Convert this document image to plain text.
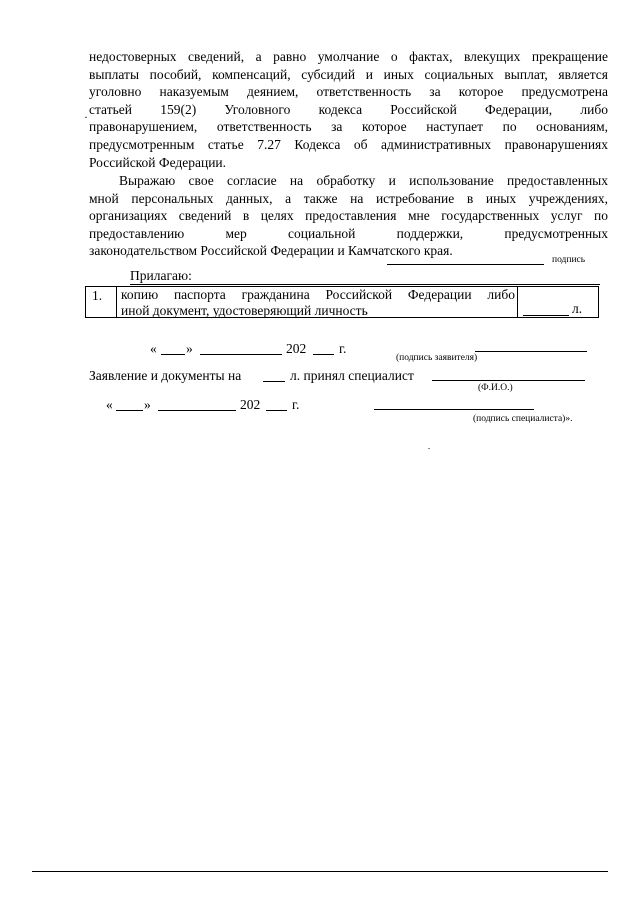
·
недостоверных сведений, а равно умолчание о фактах, влекущих прекращение
выплаты пособий, компенсаций, субсидий и иных социальных выплат, является
уголовно наказуемым деянием, ответственность за которое предусмотрена
статьей 159(2) Уголовного кодекса Российской Федерации, либо
правонарушением, ответственность за которое наступает по основаниям,
предусмотренным статье 7.27 Кодекса об административных правонарушениях
Российской Федерации.
Выражаю свое согласие на обработку и использование предоставленных
мной персональных данных, а также на истребование в иных учреждениях,
организациях сведений в целях предоставления мне государственных услуг по
предоставлению мер социальной поддержки, предусмотренных
законодательством Российской Федерации и Камчатского края.
подпись
Прилагаю:
1. копию паспорта гражданина Российской Федерации либо
иной документ, удостоверяющий личность	л.
« »	202 г.
(подпись заявителя)
Заявление и документы на	л. принял специалист
(Ф.И.О.)
« »	202 г.
(подпись специалиста)».
